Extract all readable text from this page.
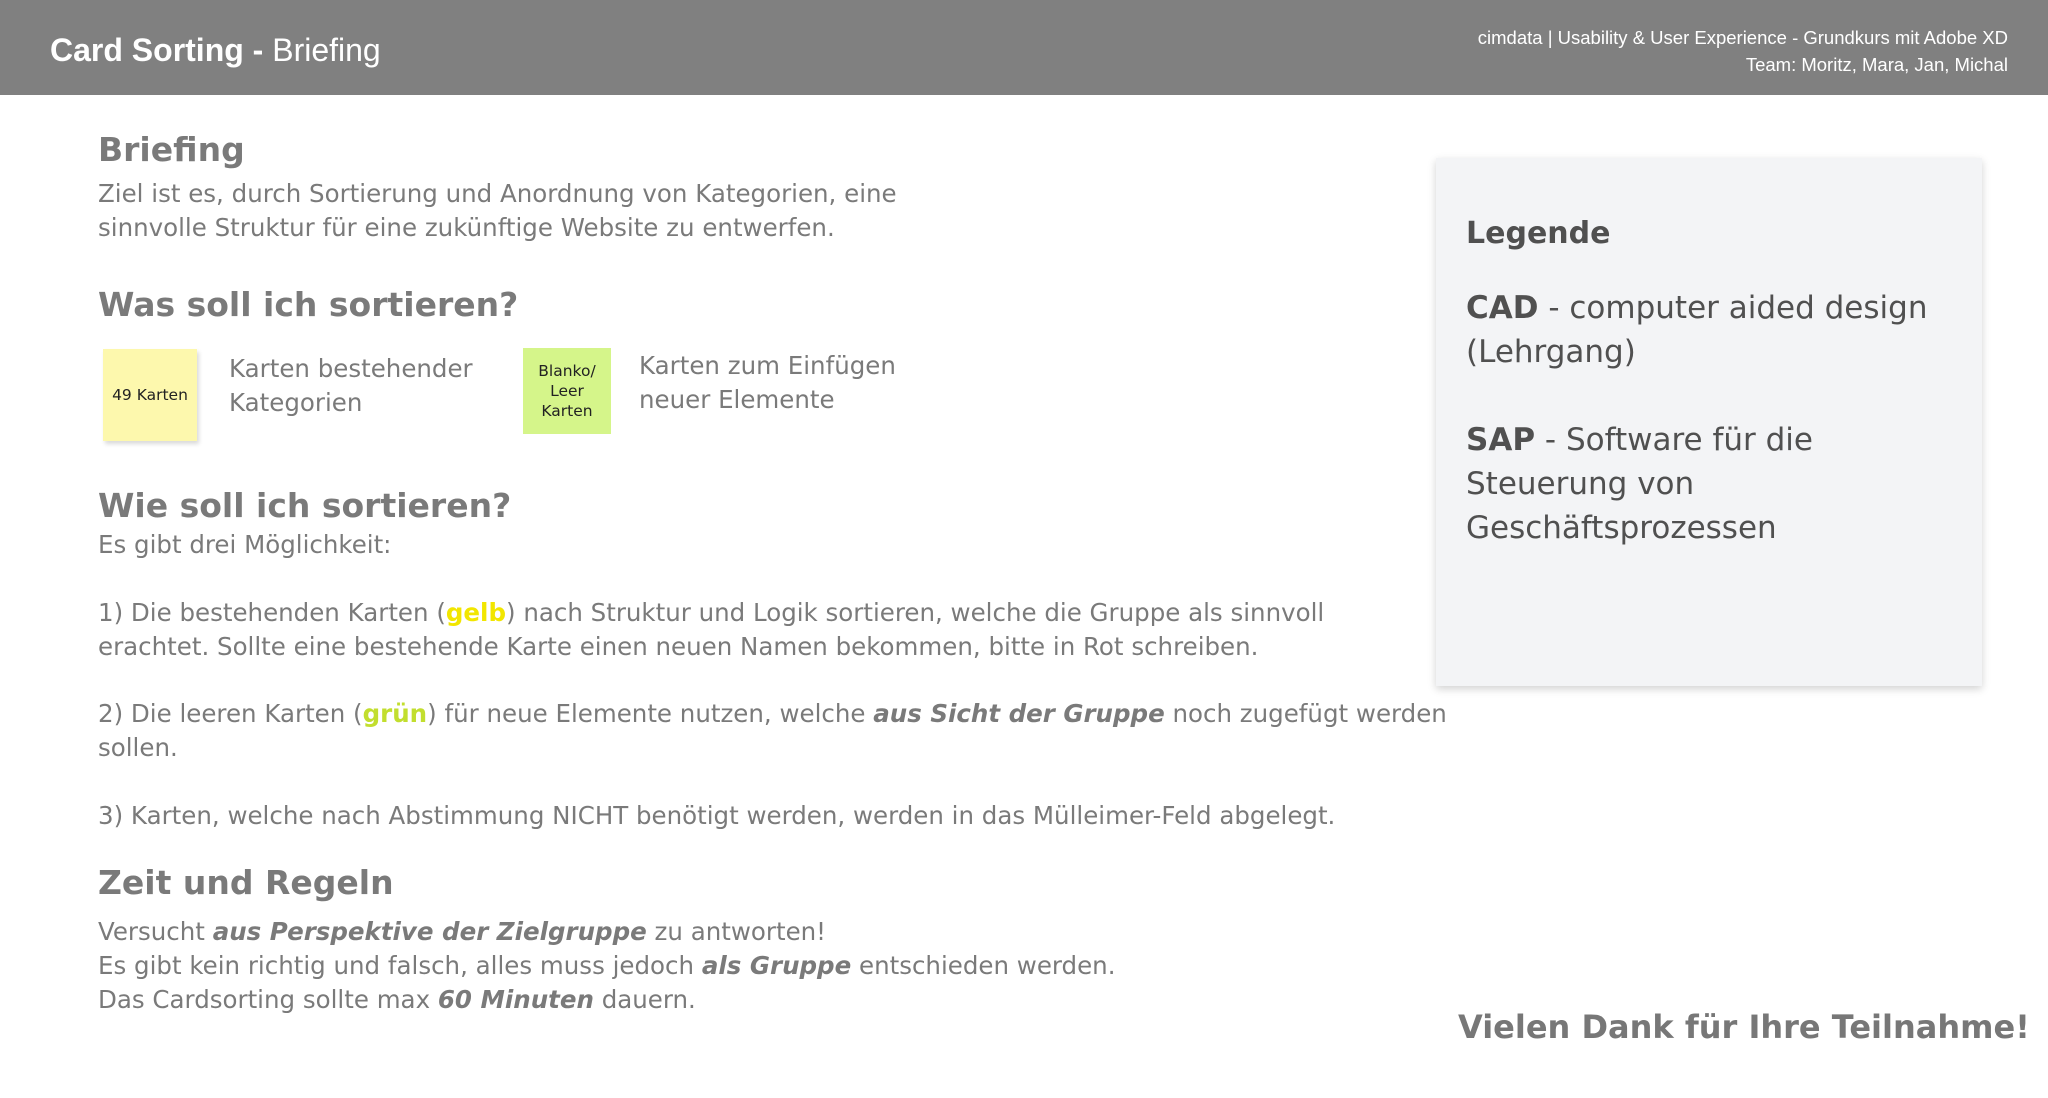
Card Sorting - Briefing	cimdata | Usability & User Experience - Grundkurs mit Adobe XD
Team: Moritz, Mara, Jan, Michal
Briefing
Ziel ist es, durch Sortierung und Anordnung von Kategorien, eine
sinnvolle Struktur für eine zukünftige Website zu entwerfen.
Was soll ich sortieren?
49 Karten
Karten bestehender
Kategorien
Blanko/
Leer
Karten
Karten zum Einfügen
neuer Elemente
Wie soll ich sortieren?
Es gibt drei Möglichkeit:
1) Die bestehenden Karten (gelb) nach Struktur und Logik sortieren, welche die Gruppe als sinnvoll
erachtet. Sollte eine bestehende Karte einen neuen Namen bekommen, bitte in Rot schreiben.
2) Die leeren Karten (grün) für neue Elemente nutzen, welche aus Sicht der Gruppe noch zugefügt werden
sollen.
3) Karten, welche nach Abstimmung NICHT benötigt werden, werden in das Mülleimer-Feld abgelegt.
Zeit und Regeln
Versucht aus Perspektive der Zielgruppe zu antworten!
Es gibt kein richtig und falsch, alles muss jedoch als Gruppe entschieden werden.
Das Cardsorting sollte max 60 Minuten dauern.
Legende
CAD - computer aided design (Lehrgang)
SAP - Software für die Steuerung von Geschäftsprozessen
Vielen Dank für Ihre Teilnahme!
